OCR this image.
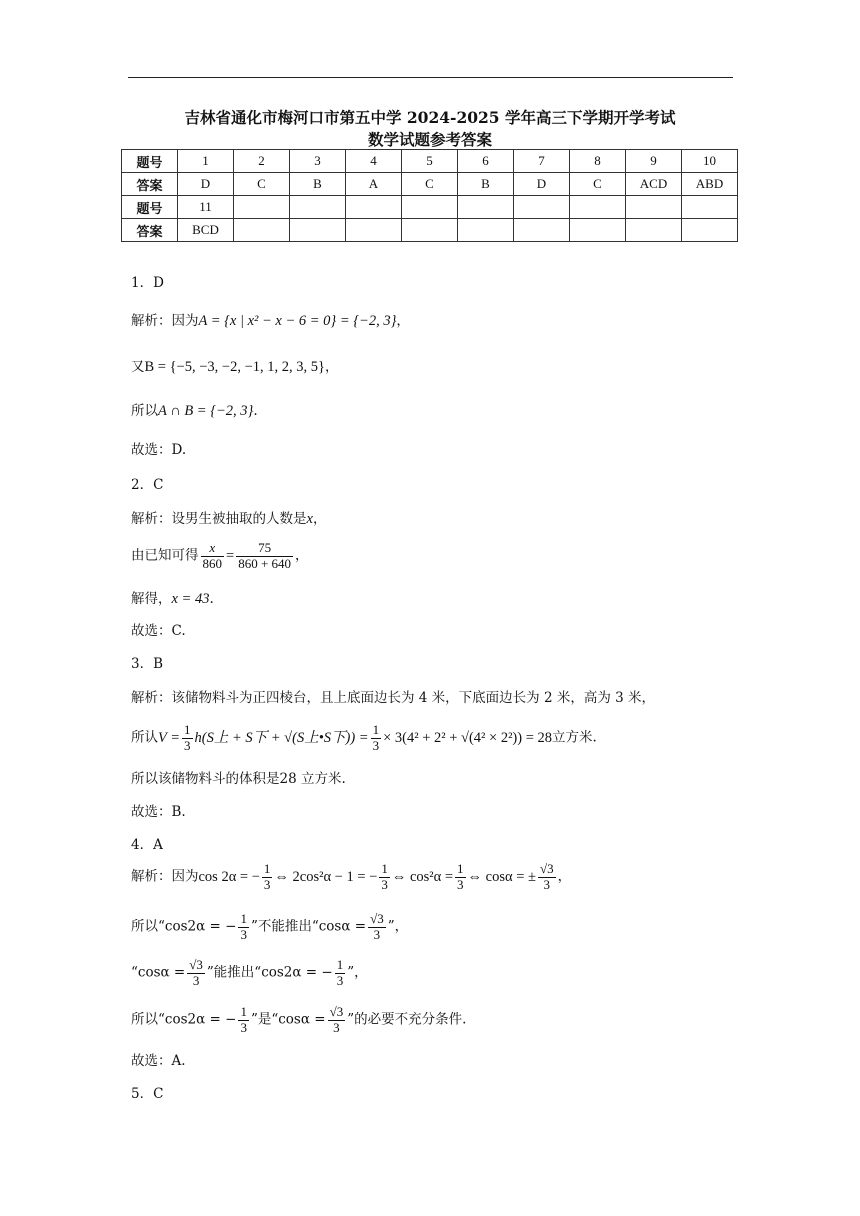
吉林省通化市梅河口市第五中学 2024-2025 学年高三下学期开学考试
数学试题参考答案
题号	1	2	3	4	5	6	7	8	9	10
答案	D	C	B	A	C	B	D	C	ACD	ABD
题号	11									
答案	BCD									
1．D
解析：因为A = {x | x² − x − 6 = 0} = {−2, 3}，
又B = {−5, −3, −2, −1, 1, 2, 3, 5}，
所以A ∩ B = {−2, 3}.
故选：D.
2．C
解析：设男生被抽取的人数是x，
由已知可得 $\frac{x}{860} = \frac{75}{860 + 640}$ ，
解得，x = 43.
故选：C.
3．B
解析：该储物料斗为正四棱台，且上底面边长为 4 米，下底面边长为 2 米，高为 3 米，
所认$V = \frac{1}{3} h(S$上 + S下 + √(S上•S下)) = $\frac{1}{3} \times 3(4^2 + 2^2 + √(4^2 \times 2^2)) = 28$立方米.
所以该储物料斗的体积是28 立方米.
故选：B.
4．A
解析：因为cos 2α = − $\frac{1}{3}$ ⇔ 2cos²α − 1 = − $\frac{1}{3}$ ⇔ $\cos^2\alpha = \frac{1}{3}$ ⇔ cosα = ± $\frac{√3}{3}$ ，
所以“cos2α = − $\frac{1}{3}$ ”不能推出“$\cos\alpha = \frac{√3}{3}$ ”，
“$\cos\alpha = \frac{√3}{3}$ ”能推出“cos2α = − $\frac{1}{3}$ ”，
所以“cos2α = − $\frac{1}{3}$ ”是“$\cos\alpha = \frac{√3}{3}$ ”的必要不充分条件.
故选：A.
5．C
